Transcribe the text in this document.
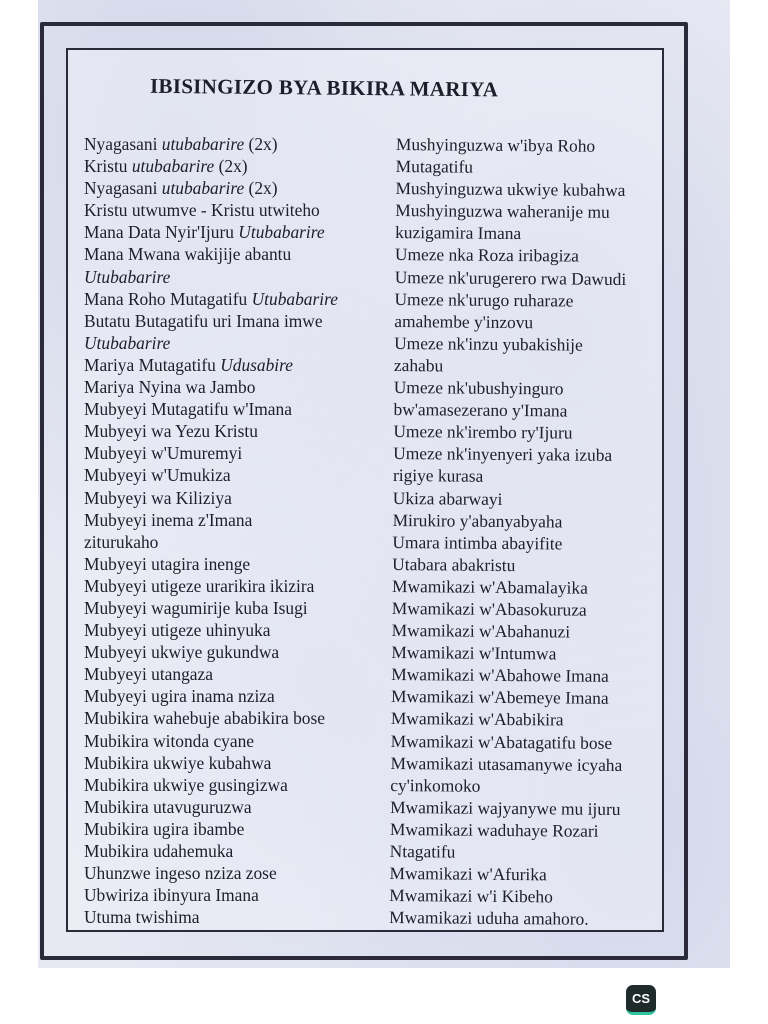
IBISINGIZO BYA BIKIRA MARIYA
Nyagasani utubabarire (2x)
Kristu utubabarire (2x)
Nyagasani utubabarire (2x)
Kristu utwumve - Kristu utwiteho
Mana Data Nyir'Ijuru Utubabarire
Mana Mwana wakijije abantu
Utubabarire
Mana Roho Mutagatifu Utubabarire
Butatu Butagatifu uri Imana imwe
Utubabarire
Mariya Mutagatifu Udusabire
Mariya Nyina wa Jambo
Mubyeyi Mutagatifu w'Imana
Mubyeyi wa Yezu Kristu
Mubyeyi w'Umuremyi
Mubyeyi w'Umukiza
Mubyeyi wa Kiliziya
Mubyeyi inema z'Imana
ziturukaho
Mubyeyi utagira inenge
Mubyeyi utigeze urarikira ikizira
Mubyeyi wagumirije kuba Isugi
Mubyeyi utigeze uhinyuka
Mubyeyi ukwiye gukundwa
Mubyeyi utangaza
Mubyeyi ugira inama nziza
Mubikira wahebuje ababikira bose
Mubikira witonda cyane
Mubikira ukwiye kubahwa
Mubikira ukwiye gusingizwa
Mubikira utavuguruzwa
Mubikira ugira ibambe
Mubikira udahemuka
Uhunzwe ingeso nziza zose
Ubwiriza ibinyura Imana
Utuma twishima
Mushyinguzwa w'ibya Roho
Mutagatifu
Mushyinguzwa ukwiye kubahwa
Mushyinguzwa waheranije mu
kuzigamira Imana
Umeze nka Roza iribagiza
Umeze nk'urugerero rwa Dawudi
Umeze nk'urugo ruharaze
amahembe y'inzovu
Umeze nk'inzu yubakishije
zahabu
Umeze nk'ubushyinguro
bw'amasezerano y'Imana
Umeze nk'irembo ry'Ijuru
Umeze nk'inyenyeri yaka izuba
rigiye kurasa
Ukiza abarwayi
Mirukiro y'abanyabyaha
Umara intimba abayifite
Utabara abakristu
Mwamikazi w'Abamalayika
Mwamikazi w'Abasokuruza
Mwamikazi w'Abahanuzi
Mwamikazi w'Intumwa
Mwamikazi w'Abahowe Imana
Mwamikazi w'Abemeye Imana
Mwamikazi w'Ababikira
Mwamikazi w'Abatagatifu bose
Mwamikazi utasamanywe icyaha
cy'inkomoko
Mwamikazi wajyanywe mu ijuru
Mwamikazi waduhaye Rozari
Ntagatifu
Mwamikazi w'Afurika
Mwamikazi w'i Kibeho
Mwamikazi uduha amahoro.
CS
